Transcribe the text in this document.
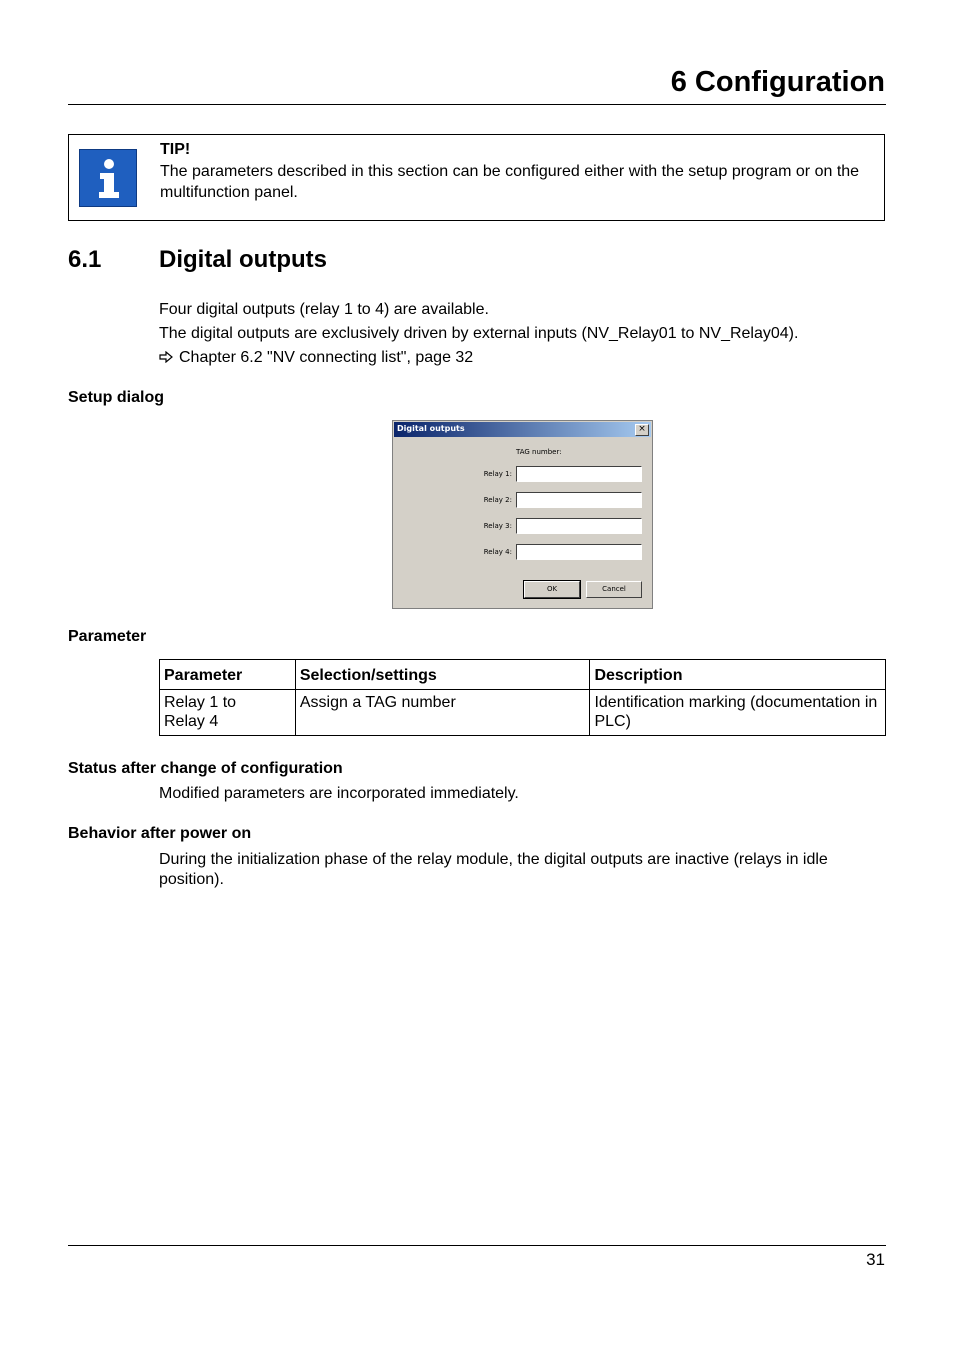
6 Configuration
TIP!
The parameters described in this section can be configured either with the setup program or on the multifunction panel.
6.1 Digital outputs
Four digital outputs (relay 1 to 4) are available.
The digital outputs are exclusively driven by external inputs (NV_Relay01 to NV_Relay04).
Chapter 6.2 "NV connecting list", page 32
Setup dialog
Digital outputs	×
TAG number:
Relay 1:
Relay 2:
Relay 3:
Relay 4:
OK	Cancel
Parameter
Parameter	Selection/settings	Description
Relay 1 to
Relay 4	Assign a TAG number	Identification marking (documentation in PLC)
Status after change of configuration
Modified parameters are incorporated immediately.
Behavior after power on
During the initialization phase of the relay module, the digital outputs are inactive (relays in idle position).
31
